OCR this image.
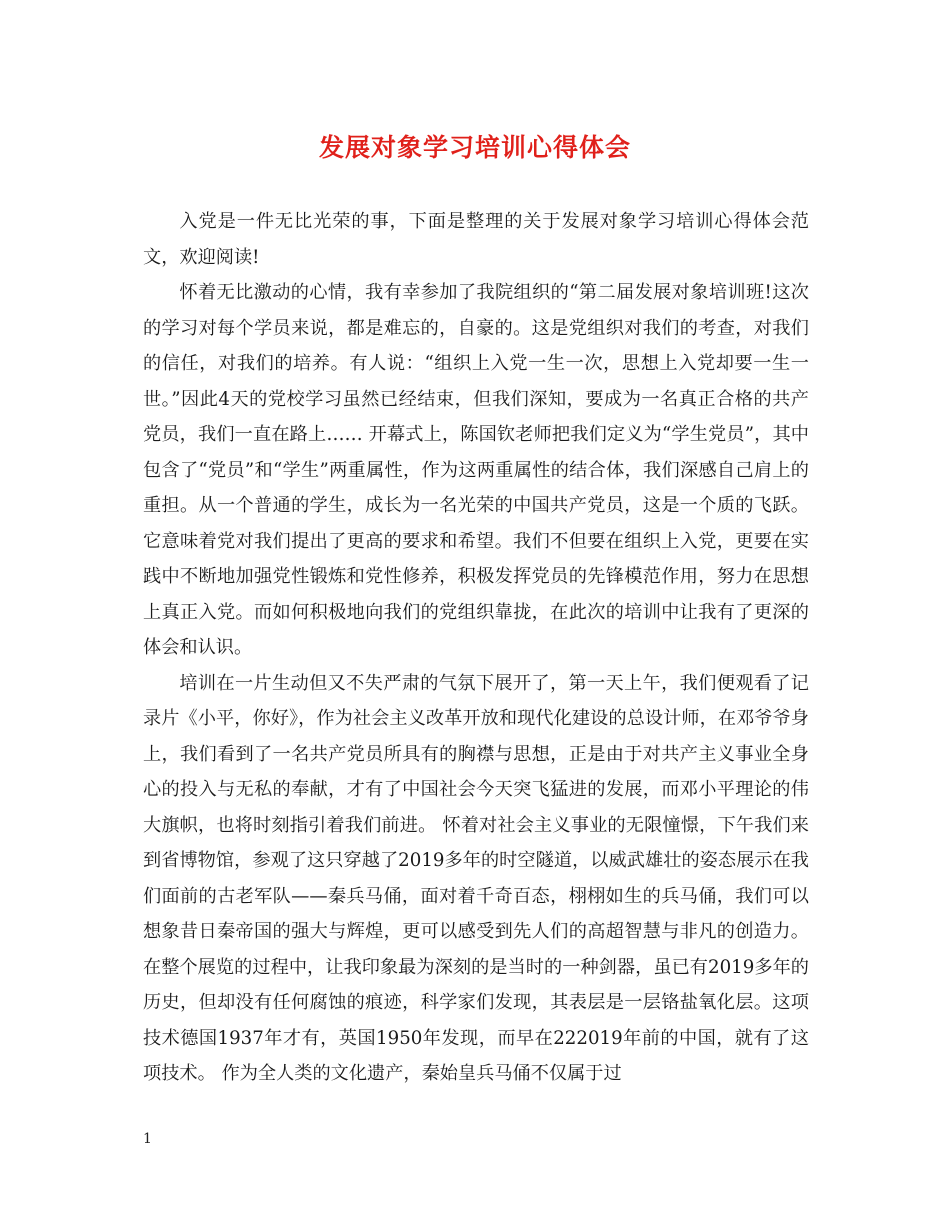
发展对象学习培训心得体会

入党是一件无比光荣的事，下面是整理的关于发展对象学习培训心得体会范文，欢迎阅读!

怀着无比激动的心情，我有幸参加了我院组织的“第二届发展对象培训班!这次的学习对每个学员来说，都是难忘的，自豪的。这是党组织对我们的考查，对我们的信任，对我们的培养。有人说：“组织上入党一生一次，思想上入党却要一生一世。”因此4天的党校学习虽然已经结束，但我们深知，要成为一名真正合格的共产党员，我们一直在路上…… 开幕式上，陈国钦老师把我们定义为“学生党员”，其中包含了“党员”和“学生”两重属性，作为这两重属性的结合体，我们深感自己肩上的重担。从一个普通的学生，成长为一名光荣的中国共产党员，这是一个质的飞跃。它意味着党对我们提出了更高的要求和希望。我们不但要在组织上入党，更要在实践中不断地加强党性锻炼和党性修养，积极发挥党员的先锋模范作用，努力在思想上真正入党。而如何积极地向我们的党组织靠拢，在此次的培训中让我有了更深的体会和认识。

培训在一片生动但又不失严肃的气氛下展开了，第一天上午，我们便观看了记录片《小平，你好》，作为社会主义改革开放和现代化建设的总设计师，在邓爷爷身上，我们看到了一名共产党员所具有的胸襟与思想，正是由于对共产主义事业全身心的投入与无私的奉献，才有了中国社会今天突飞猛进的发展，而邓小平理论的伟大旗帜，也将时刻指引着我们前进。 怀着对社会主义事业的无限憧憬，下午我们来到省博物馆，参观了这只穿越了2019多年的时空隧道，以威武雄壮的姿态展示在我们面前的古老军队——秦兵马俑，面对着千奇百态，栩栩如生的兵马俑，我们可以想象昔日秦帝国的强大与辉煌，更可以感受到先人们的高超智慧与非凡的创造力。 在整个展览的过程中，让我印象最为深刻的是当时的一种剑器，虽已有2019多年的历史，但却没有任何腐蚀的痕迹，科学家们发现，其表层是一层铬盐氧化层。这项技术德国1937年才有，英国1950年发现，而早在222019年前的中国，就有了这项技术。 作为全人类的文化遗产，秦始皇兵马俑不仅属于过

1
